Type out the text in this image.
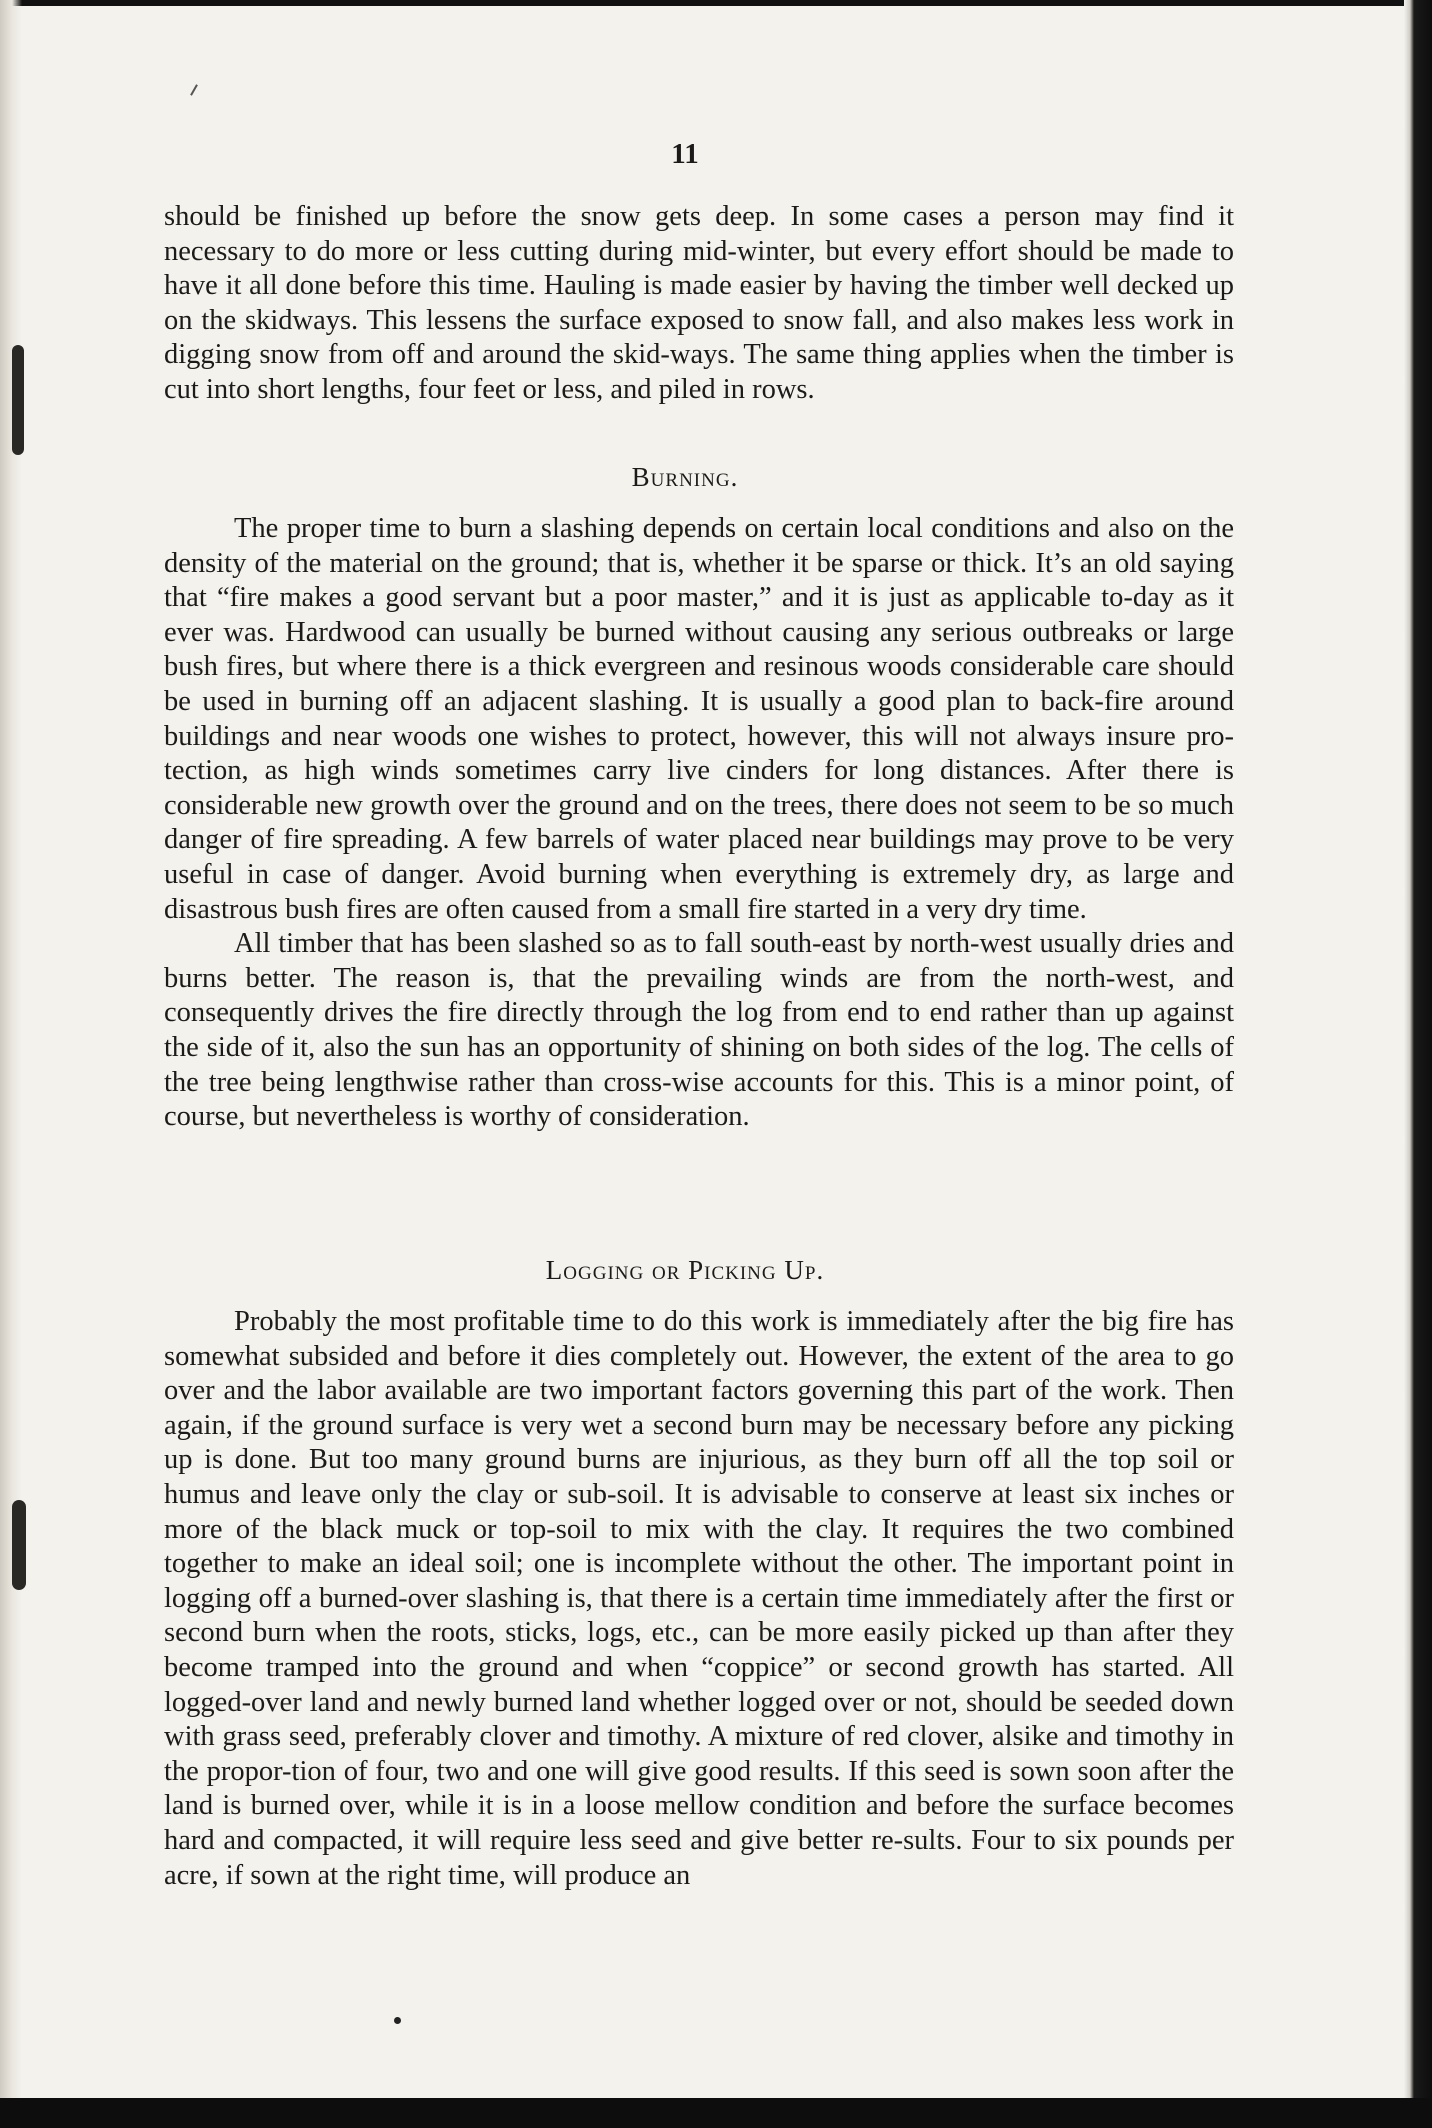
11

should be finished up before the snow gets deep. In some cases a person may find it necessary to do more or less cutting during mid-winter, but every effort should be made to have it all done before this time. Hauling is made easier by having the timber well decked up on the skidways. This lessens the surface exposed to snow fall, and also makes less work in digging snow from off and around the skid-ways. The same thing applies when the timber is cut into short lengths, four feet or less, and piled in rows.

Burning.

The proper time to burn a slashing depends on certain local conditions and also on the density of the material on the ground; that is, whether it be sparse or thick. It’s an old saying that “fire makes a good servant but a poor master,” and it is just as applicable to-day as it ever was. Hardwood can usually be burned without causing any serious outbreaks or large bush fires, but where there is a thick evergreen and resinous woods considerable care should be used in burning off an adjacent slashing. It is usually a good plan to back-fire around buildings and near woods one wishes to protect, however, this will not always insure pro-tection, as high winds sometimes carry live cinders for long distances. After there is considerable new growth over the ground and on the trees, there does not seem to be so much danger of fire spreading. A few barrels of water placed near buildings may prove to be very useful in case of danger. Avoid burning when everything is extremely dry, as large and disastrous bush fires are often caused from a small fire started in a very dry time.

All timber that has been slashed so as to fall south-east by north-west usually dries and burns better. The reason is, that the prevailing winds are from the north-west, and consequently drives the fire directly through the log from end to end rather than up against the side of it, also the sun has an opportunity of shining on both sides of the log. The cells of the tree being lengthwise rather than cross-wise accounts for this. This is a minor point, of course, but nevertheless is worthy of consideration.

Logging or Picking Up.

Probably the most profitable time to do this work is immediately after the big fire has somewhat subsided and before it dies completely out. However, the extent of the area to go over and the labor available are two important factors governing this part of the work. Then again, if the ground surface is very wet a second burn may be necessary before any picking up is done. But too many ground burns are injurious, as they burn off all the top soil or humus and leave only the clay or sub-soil. It is advisable to conserve at least six inches or more of the black muck or top-soil to mix with the clay. It requires the two combined together to make an ideal soil; one is incomplete without the other. The important point in logging off a burned-over slashing is, that there is a certain time immediately after the first or second burn when the roots, sticks, logs, etc., can be more easily picked up than after they become tramped into the ground and when “coppice” or second growth has started. All logged-over land and newly burned land whether logged over or not, should be seeded down with grass seed, preferably clover and timothy. A mixture of red clover, alsike and timothy in the propor-tion of four, two and one will give good results. If this seed is sown soon after the land is burned over, while it is in a loose mellow condition and before the surface becomes hard and compacted, it will require less seed and give better re-sults. Four to six pounds per acre, if sown at the right time, will produce an
